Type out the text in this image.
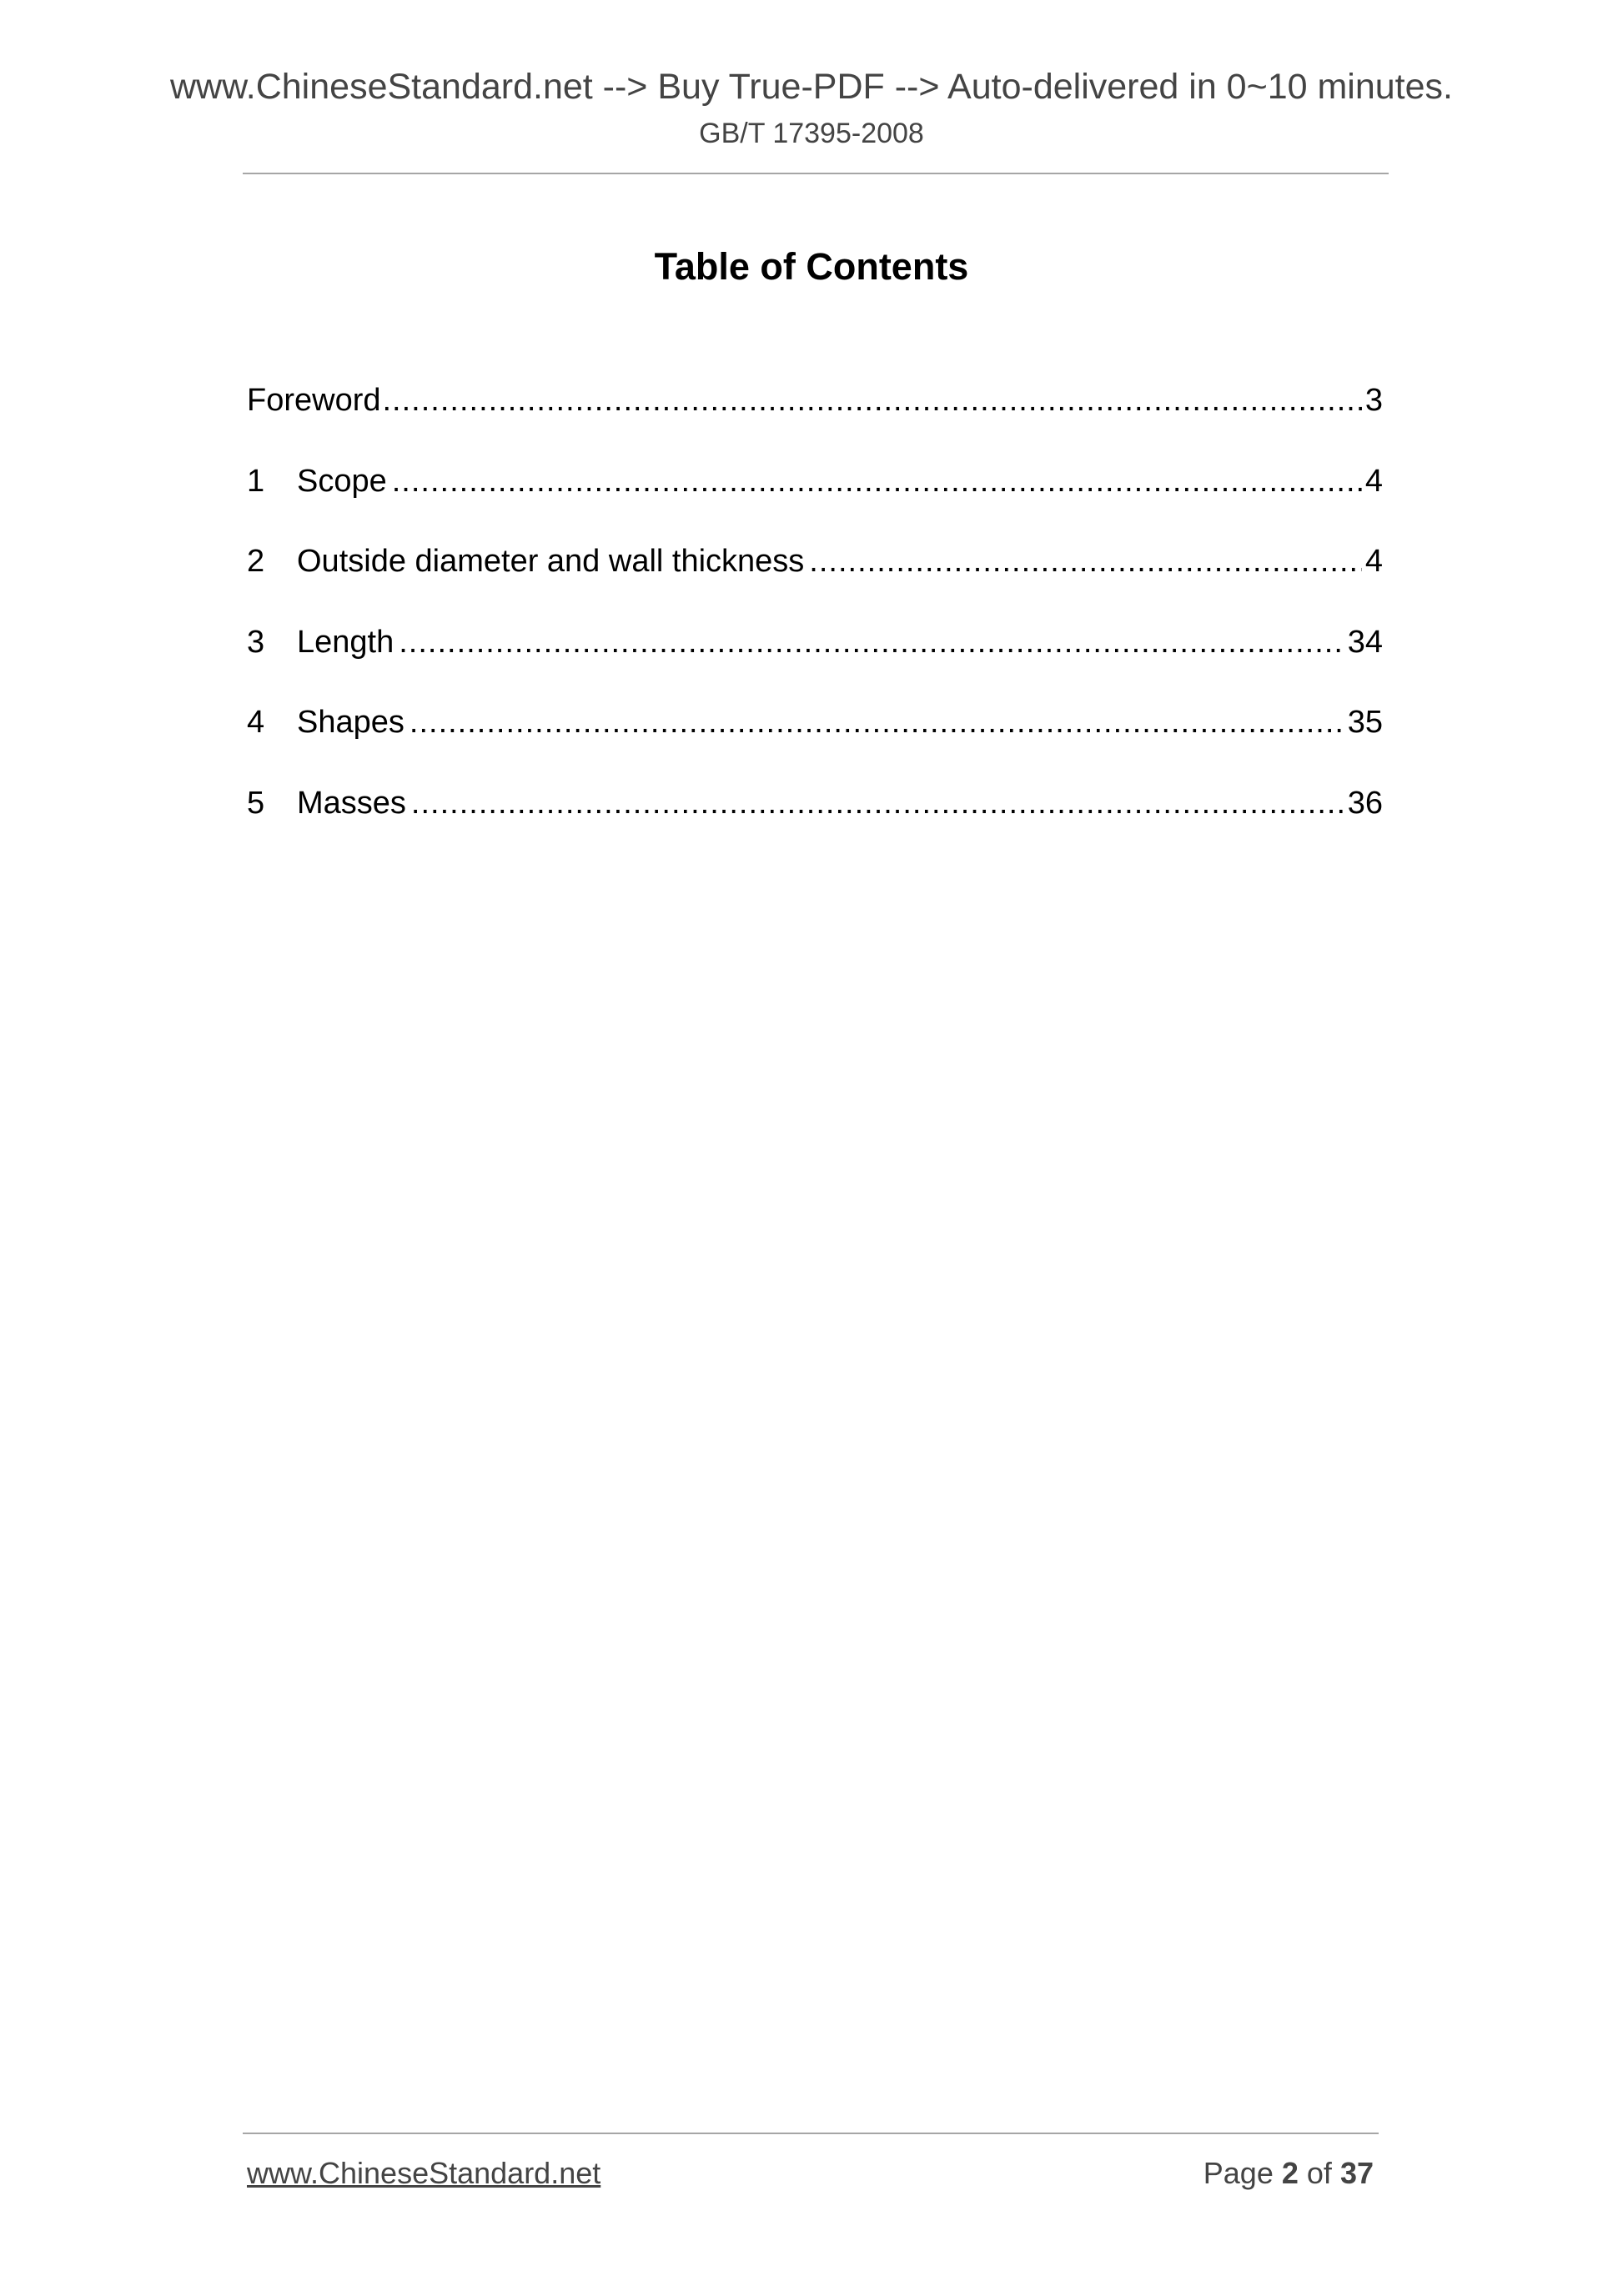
www.ChineseStandard.net --> Buy True-PDF --> Auto-delivered in 0~10 minutes.
GB/T 17395-2008
Table of Contents
Foreword .....	3
1	Scope .....	4
2	Outside diameter and wall thickness .....	4
3	Length .....	34
4	Shapes .....	35
5	Masses .....	36
www.ChineseStandard.net	Page 2 of 37
